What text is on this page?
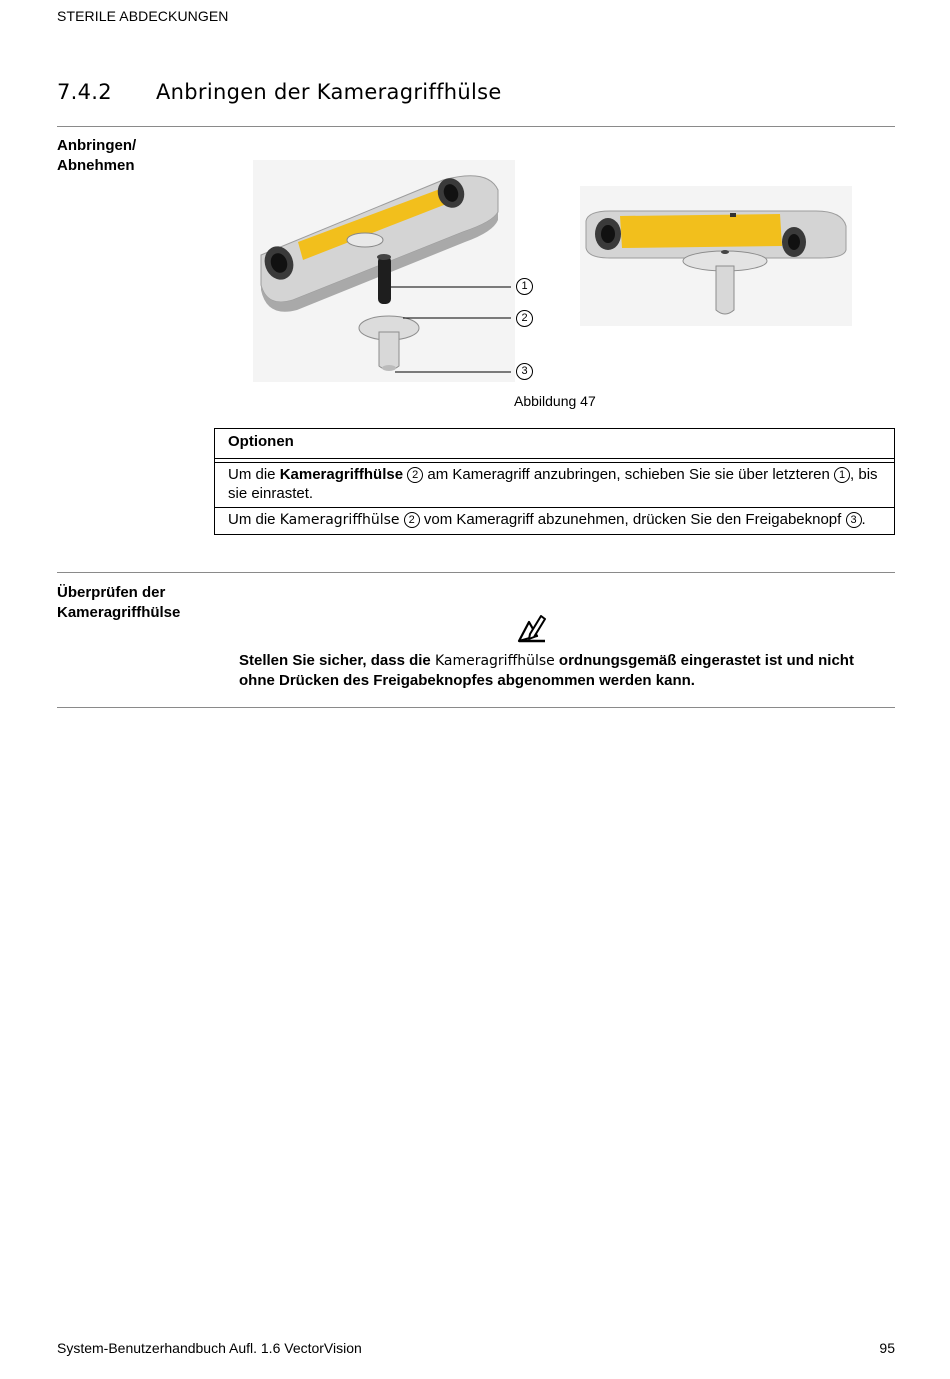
STERILE ABDECKUNGEN
7.4.2 Anbringen der Kameragriffhülse
Anbringen/
Abnehmen
1
2
3
Abbildung 47
Optionen
Um die Kameragriffhülse 2 am Kameragriff anzubringen, schieben Sie sie über letzteren 1 , bis sie einrastet.
Um die Kameragriffhülse 2 vom Kameragriff abzunehmen, drücken Sie den Freigabeknopf 3 .
Überprüfen der
Kameragriffhülse
Stellen Sie sicher, dass die Kameragriffhülse ordnungsgemäß eingerastet ist und nicht ohne Drücken des Freigabeknopfes abgenommen werden kann.
System-Benutzerhandbuch Aufl. 1.6 VectorVision	95
